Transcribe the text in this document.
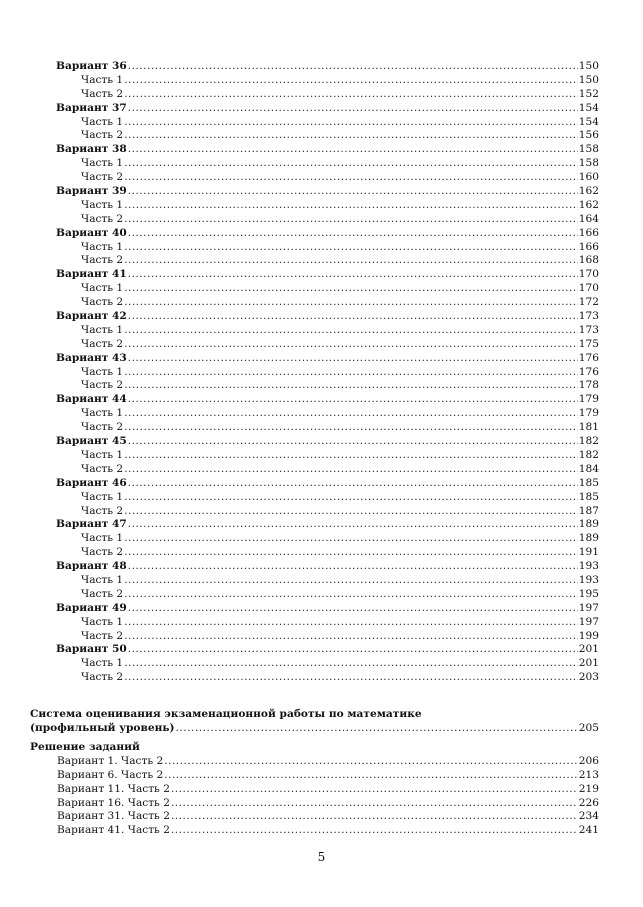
Вариант 36 .....	150
Часть 1 .....	150
Часть 2 .....	152
Вариант 37 .....	154
Часть 1 .....	154
Часть 2 .....	156
Вариант 38 .....	158
Часть 1 .....	158
Часть 2 .....	160
Вариант 39 .....	162
Часть 1 .....	162
Часть 2 .....	164
Вариант 40 .....	166
Часть 1 .....	166
Часть 2 .....	168
Вариант 41 .....	170
Часть 1 .....	170
Часть 2 .....	172
Вариант 42 .....	173
Часть 1 .....	173
Часть 2 .....	175
Вариант 43 .....	176
Часть 1 .....	176
Часть 2 .....	178
Вариант 44 .....	179
Часть 1 .....	179
Часть 2 .....	181
Вариант 45 .....	182
Часть 1 .....	182
Часть 2 .....	184
Вариант 46 .....	185
Часть 1 .....	185
Часть 2 .....	187
Вариант 47 .....	189
Часть 1 .....	189
Часть 2 .....	191
Вариант 48 .....	193
Часть 1 .....	193
Часть 2 .....	195
Вариант 49 .....	197
Часть 1 .....	197
Часть 2 .....	199
Вариант 50 .....	201
Часть 1 .....	201
Часть 2 .....	203
Система оценивания экзаменационной работы по математике
(профильный уровень) .....	205
Решение заданий
Вариант 1. Часть 2 .....	206
Вариант 6. Часть 2 .....	213
Вариант 11. Часть 2 .....	219
Вариант 16. Часть 2 .....	226
Вариант 31. Часть 2 .....	234
Вариант 41. Часть 2 .....	241
5
